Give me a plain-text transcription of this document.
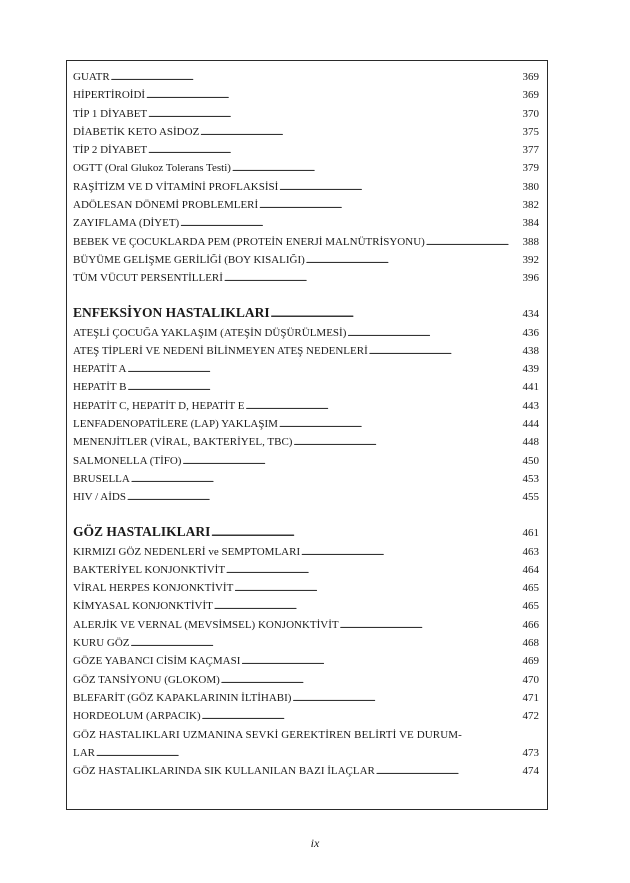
GUATR . . .	369
HİPERTİROİDİ . . .	369
TİP 1 DİYABET . . .	370
DİABETİK KETO ASİDOZ . . .	375
TİP 2 DİYABET . . .	377
OGTT (Oral Glukoz Tolerans Testi) . . .	379
RAŞİTİZM VE D VİTAMİNİ PROFLAKSİSİ . . .	380
ADÖLESAN DÖNEMİ PROBLEMLERİ . . .	382
ZAYIFLAMA (DİYET) . . .	384
BEBEK VE ÇOCUKLARDA PEM (PROTEİN ENERJİ MALNÜTRİSYONU) . . .	388
BÜYÜME GELİŞME GERİLİĞİ (BOY KISALIĞI) . . .	392
TÜM VÜCUT PERSENTİLLERİ . . .	396
ENFEKSİYON HASTALIKLARI . . .	434
ATEŞLİ ÇOCUĞA YAKLAŞIM (ATEŞİN DÜŞÜRÜLMESİ) . . .	436
ATEŞ TİPLERİ VE NEDENİ BİLİNMEYEN ATEŞ NEDENLERİ . . .	438
HEPATİT A . . .	439
HEPATİT B . . .	441
HEPATİT C, HEPATİT D, HEPATİT E . . .	443
LENFADENOPATİLERE (LAP) YAKLAŞIM . . .	444
MENENJİTLER (VİRAL, BAKTERİYEL, TBC) . . .	448
SALMONELLA (TİFO) . . .	450
BRUSELLA . . .	453
HIV / AİDS . . .	455
GÖZ HASTALIKLARI . . .	461
KIRMIZI GÖZ NEDENLERİ ve SEMPTOMLARI . . .	463
BAKTERİYEL KONJONKTİVİT . . .	464
VİRAL HERPES KONJONKTİVİT . . .	465
KİMYASAL KONJONKTİVİT . . .	465
ALERJİK VE VERNAL (MEVSİMSEL) KONJONKTİVİT . . .	466
KURU GÖZ . . .	468
GÖZE YABANCI CİSİM KAÇMASI . . .	469
GÖZ TANSİYONU (GLOKOM) . . .	470
BLEFARİT (GÖZ KAPAKLARININ İLTİHABI) . . .	471
HORDEOLUM (ARPACIK) . . .	472
GÖZ HASTALIKLARI UZMANINA SEVKİ GEREKTİREN BELİRTİ VE DURUM-
LAR . . .	473
GÖZ HASTALIKLARINDA SIK KULLANILAN BAZI İLAÇLAR . . .	474
ix
